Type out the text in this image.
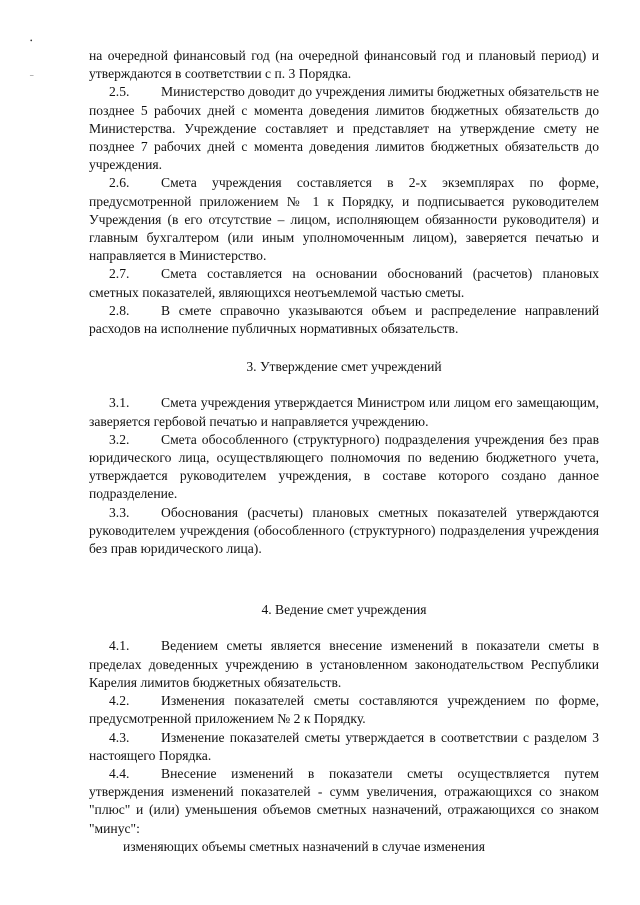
•
–

на очередной финансовый год (на очередной финансовый год и плановый период) и утверждаются в соответствии с п. 3 Порядка.

2.5. Министерство доводит до учреждения лимиты бюджетных обязательств не позднее 5 рабочих дней с момента доведения лимитов бюджетных обязательств до Министерства. Учреждение составляет и представляет на утверждение смету не позднее 7 рабочих дней с момента доведения лимитов бюджетных обязательств до учреждения.

2.6. Смета учреждения составляется в 2-х экземплярах по форме, предусмотренной приложением № 1 к Порядку, и подписывается руководителем Учреждения (в его отсутствие – лицом, исполняющем обязанности руководителя) и главным бухгалтером (или иным уполномоченным лицом), заверяется печатью и направляется в Министерство.

2.7. Смета составляется на основании обоснований (расчетов) плановых сметных показателей, являющихся неотъемлемой частью сметы.

2.8. В смете справочно указываются объем и распределение направлений расходов на исполнение публичных нормативных обязательств.

3. Утверждение смет учреждений

3.1. Смета учреждения утверждается Министром или лицом его замещающим, заверяется гербовой печатью и направляется учреждению.

3.2. Смета обособленного (структурного) подразделения учреждения без прав юридического лица, осуществляющего полномочия по ведению бюджетного учета, утверждается руководителем учреждения, в составе которого создано данное подразделение.

3.3. Обоснования (расчеты) плановых сметных показателей утверждаются руководителем учреждения (обособленного (структурного) подразделения учреждения без прав юридического лица).

4. Ведение смет учреждения

4.1. Ведением сметы является внесение изменений в показатели сметы в пределах доведенных учреждению в установленном законодательством Республики Карелия лимитов бюджетных обязательств.

4.2. Изменения показателей сметы составляются учреждением по форме, предусмотренной приложением № 2 к Порядку.

4.3. Изменение показателей сметы утверждается в соответствии с разделом 3 настоящего Порядка.

4.4. Внесение изменений в показатели сметы осуществляется путем утверждения изменений показателей - сумм увеличения, отражающихся со знаком "плюс" и (или) уменьшения объемов сметных назначений, отражающихся со знаком "минус":

изменяющих объемы сметных назначений в случае изменения
